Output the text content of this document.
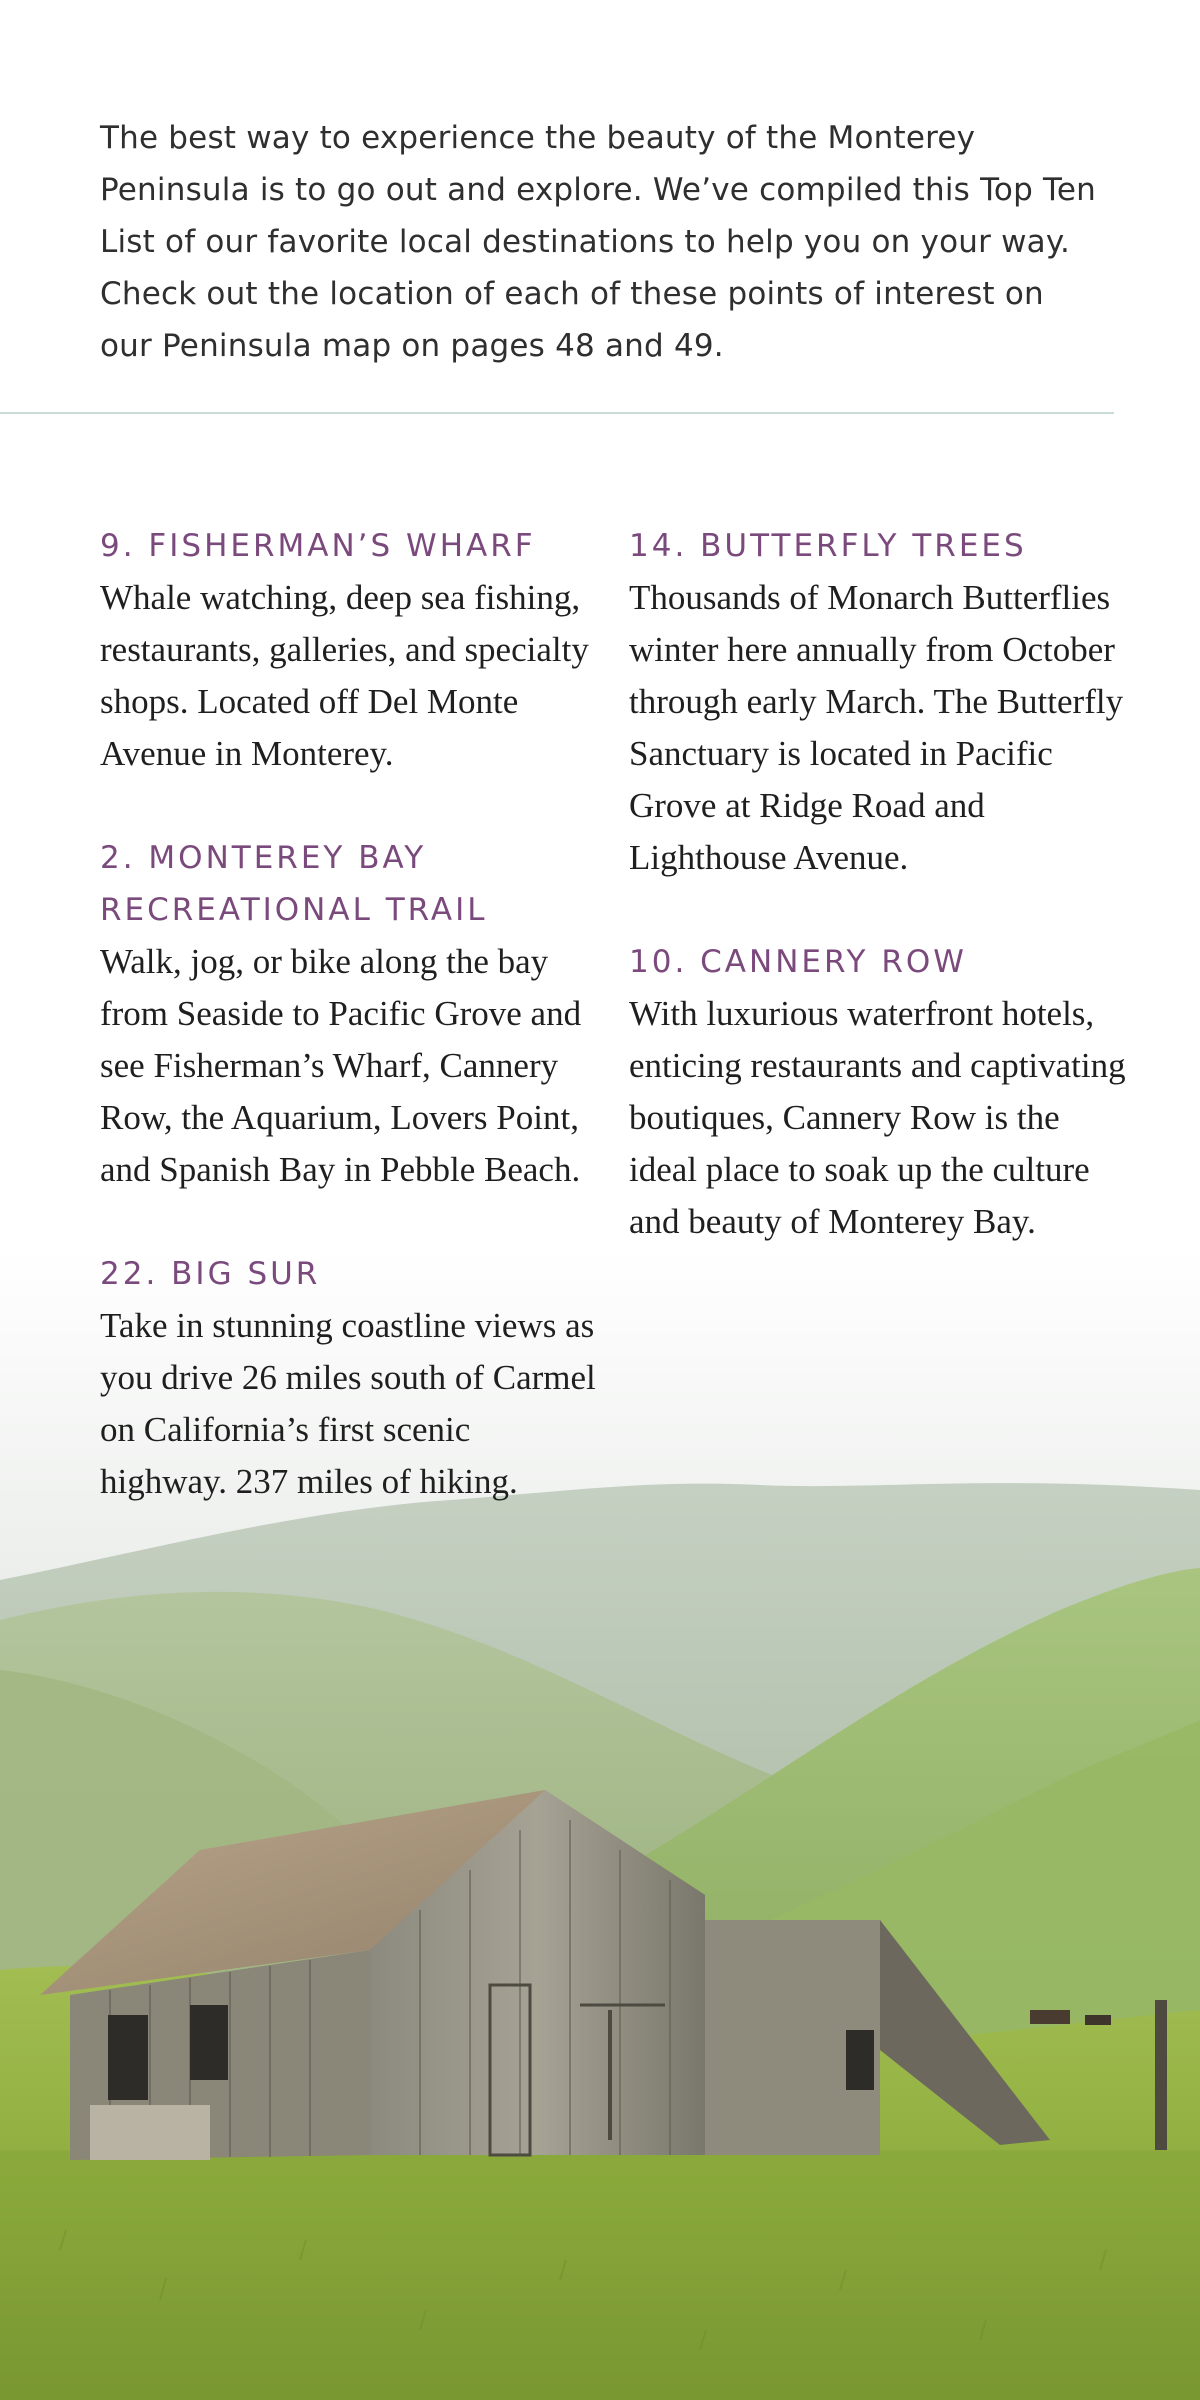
The best way to experience the beauty of the Monterey Peninsula is to go out and explore. We’ve compiled this Top Ten List of our favorite local destinations to help you on your way. Check out the location of each of these points of interest on our Peninsula map on pages 48 and 49.

9. FISHERMAN’S WHARF

Whale watching, deep sea fishing, restaurants, galleries, and specialty shops. Located off Del Monte Avenue in Monterey.

2. MONTEREY BAY RECREATIONAL TRAIL

Walk, jog, or bike along the bay from Seaside to Pacific Grove and see Fisherman’s Wharf, Cannery Row, the Aquarium, Lovers Point, and Spanish Bay in Pebble Beach.

22. BIG SUR

Take in stunning coastline views as you drive 26 miles south of Carmel on California’s first scenic highway. 237 miles of hiking.

14. BUTTERFLY TREES

Thousands of Monarch Butterflies winter here annually from October through early March. The Butterfly Sanctuary is located in Pacific Grove at Ridge Road and Lighthouse Avenue.

10. CANNERY ROW

With luxurious waterfront hotels, enticing restaurants and captivating boutiques, Cannery Row is the ideal place to soak up the culture and beauty of Monterey Bay.
